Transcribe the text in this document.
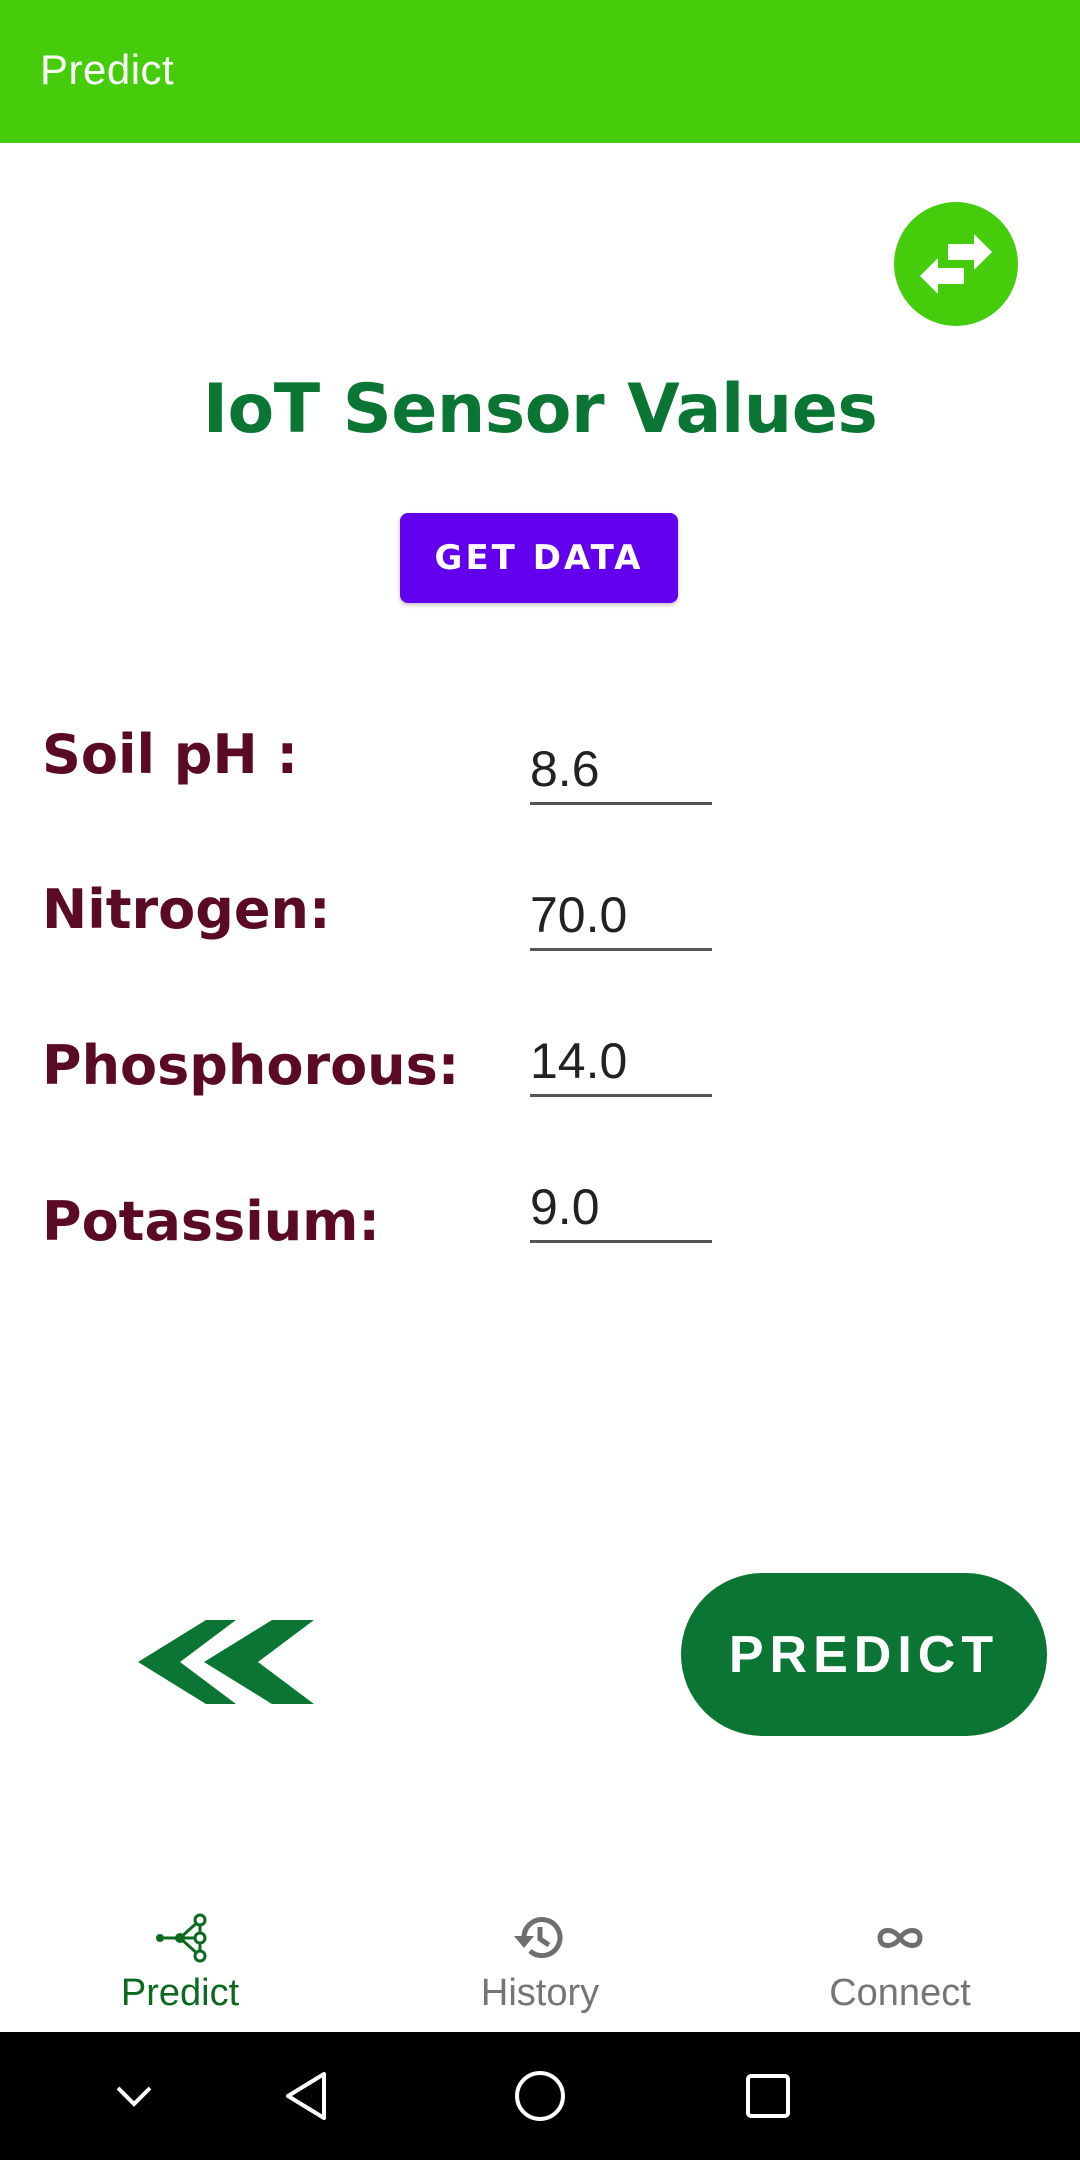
Predict
IoT Sensor Values
GET DATA
Soil pH :	8.6
Nitrogen:	70.0
Phosphorous: 14.0
Potassium:	9.0
PREDICT
Predict	History	Connect
